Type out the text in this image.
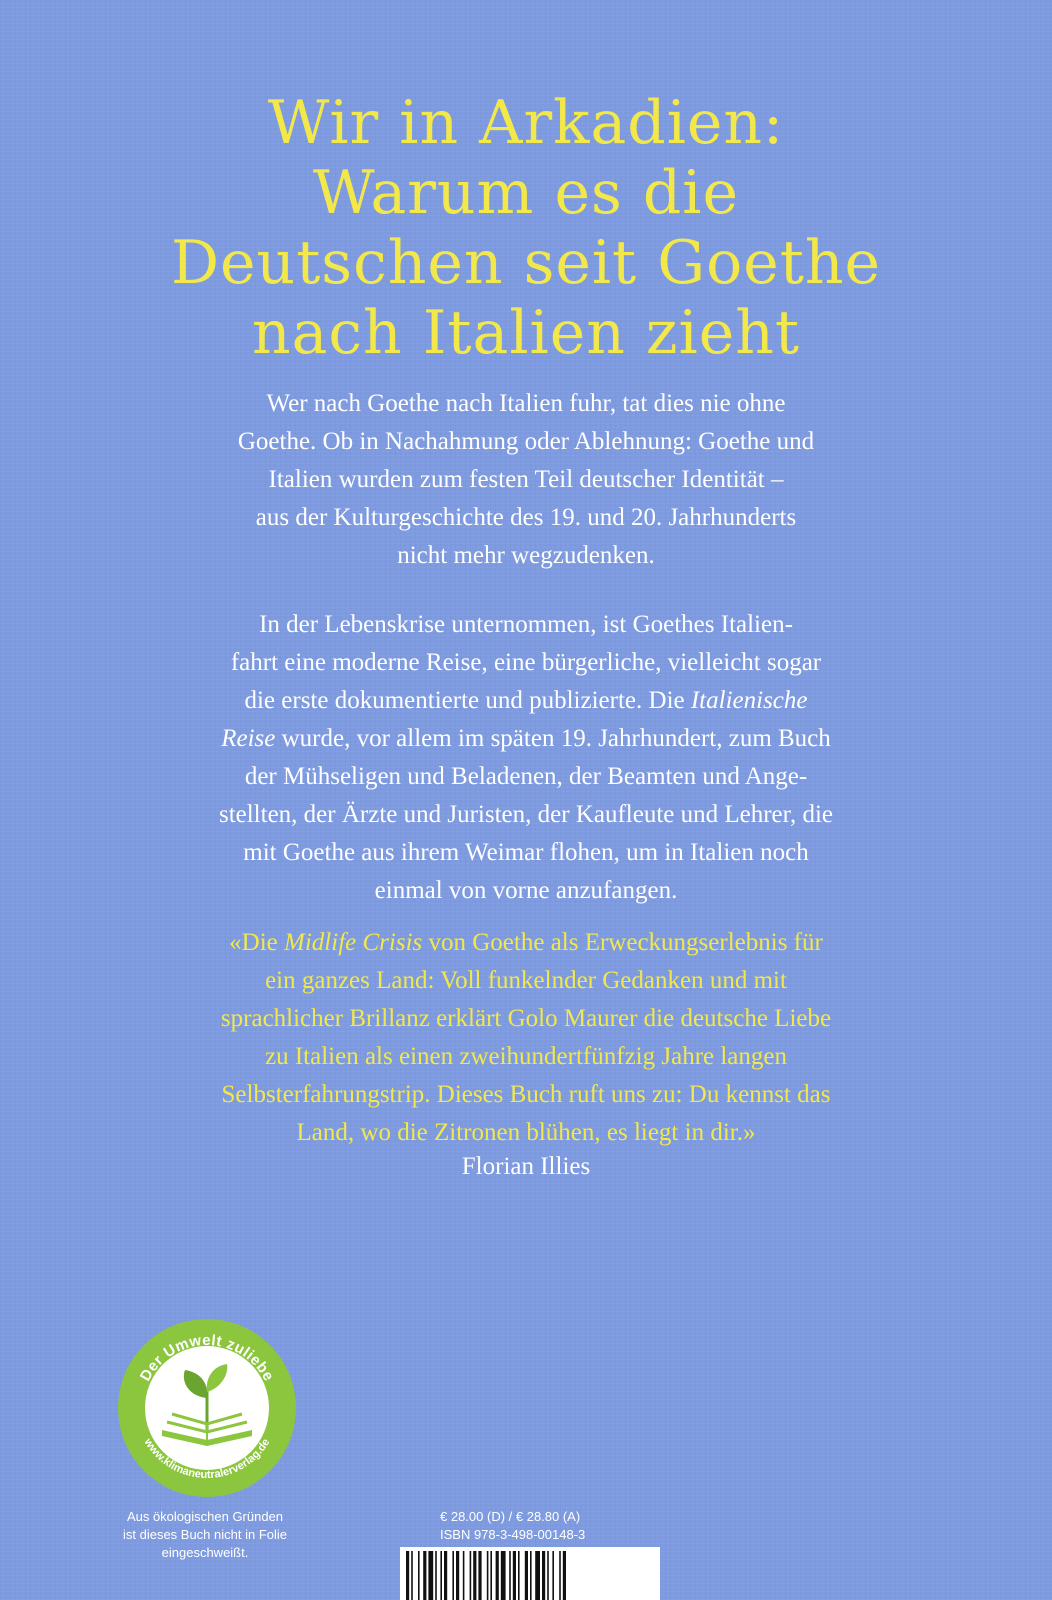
Wir in Arkadien:
Warum es die
Deutschen seit Goethe
nach Italien zieht
Wer nach Goethe nach Italien fuhr, tat dies nie ohne
Goethe. Ob in Nachahmung oder Ablehnung: Goethe und
Italien wurden zum festen Teil deutscher Identität –
aus der Kulturgeschichte des 19. und 20. Jahrhunderts
nicht mehr wegzudenken.
In der Lebenskrise unternommen, ist Goethes Italien-
fahrt eine moderne Reise, eine bürgerliche, vielleicht sogar
die erste dokumentierte und publizierte. Die Italienische
Reise wurde, vor allem im späten 19. Jahrhundert, zum Buch
der Mühseligen und Beladenen, der Beamten und Ange-
stellten, der Ärzte und Juristen, der Kaufleute und Lehrer, die
mit Goethe aus ihrem Weimar flohen, um in Italien noch
einmal von vorne anzufangen.
«Die Midlife Crisis von Goethe als Erweckungserlebnis für
ein ganzes Land: Voll funkelnder Gedanken und mit
sprachlicher Brillanz erklärt Golo Maurer die deutsche Liebe
zu Italien als einen zweihundertfünfzig Jahre langen
Selbsterfahrungstrip. Dieses Buch ruft uns zu: Du kennst das
Land, wo die Zitronen blühen, es liegt in dir.»
Florian Illies
Der Umwelt zuliebe
www.klimaneutralerverlag.de
Aus ökologischen Gründen
ist dieses Buch nicht in Folie
eingeschweißt.
€ 28.00 (D) / € 28.80 (A)
ISBN 978-3-498-00148-3
